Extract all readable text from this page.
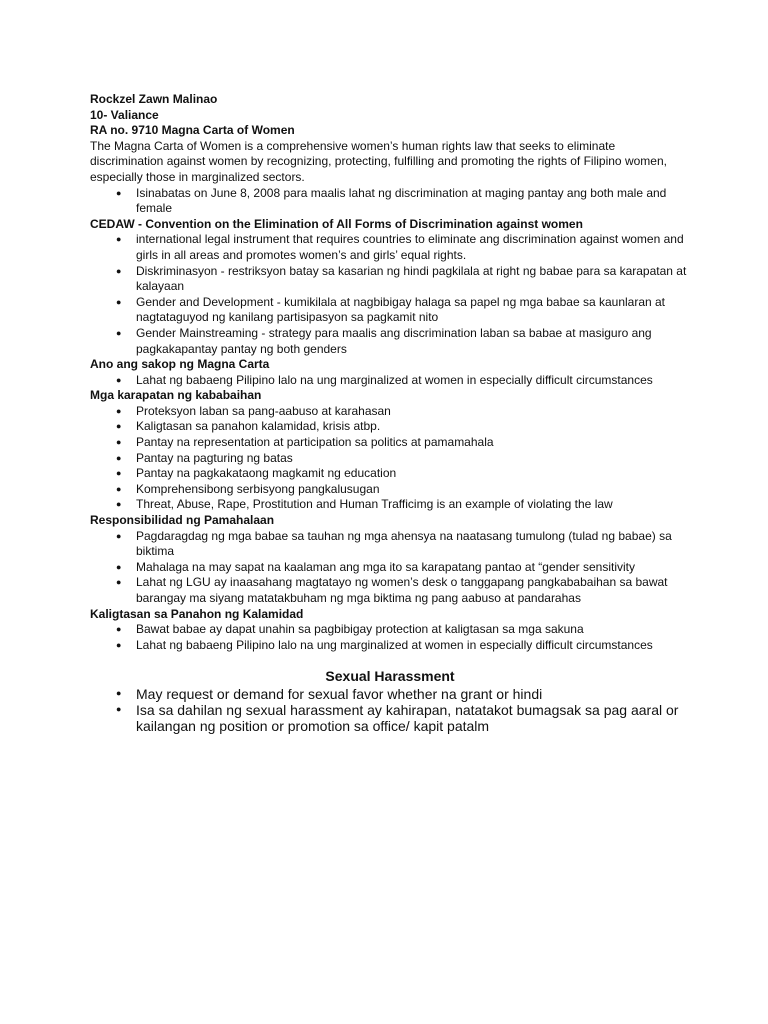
Rockzel Zawn Malinao
10- Valiance
RA no. 9710 Magna Carta of Women

The Magna Carta of Women is a comprehensive women’s human rights law that seeks to eliminate discrimination against women by recognizing, protecting, fulfilling and promoting the rights of Filipino women, especially those in marginalized sectors.

● Isinabatas on June 8, 2008 para maalis lahat ng discrimination at maging pantay ang both male and female
CEDAW - Convention on the Elimination of All Forms of Discrimination against women
● international legal instrument that requires countries to eliminate ang discrimination against women and girls in all areas and promotes women’s and girls’ equal rights.
● Diskriminasyon - restriksyon batay sa kasarian ng hindi pagkilala at right ng babae para sa karapatan at kalayaan
● Gender and Development - kumikilala at nagbibigay halaga sa papel ng mga babae sa kaunlaran at nagtataguyod ng kanilang partisipasyon sa pagkamit nito
● Gender Mainstreaming - strategy para maalis ang discrimination laban sa babae at masiguro ang pagkakapantay pantay ng both genders
Ano ang sakop ng Magna Carta
● Lahat ng babaeng Pilipino lalo na ung marginalized at women in especially difficult circumstances
Mga karapatan ng kababaihan
● Proteksyon laban sa pang-aabuso at karahasan
● Kaligtasan sa panahon kalamidad, krisis atbp.
● Pantay na representation at participation sa politics at pamamahala
● Pantay na pagturing ng batas
● Pantay na pagkakataong magkamit ng education
● Komprehensibong serbisyong pangkalusugan
● Threat, Abuse, Rape, Prostitution and Human Trafficimg is an example of violating the law
Responsibilidad ng Pamahalaan
● Pagdaragdag ng mga babae sa tauhan ng mga ahensya na naatasang tumulong (tulad ng babae) sa biktima
● Mahalaga na may sapat na kaalaman ang mga ito sa karapatang pantao at “gender sensitivity
● Lahat ng LGU ay inaasahang magtatayo ng women’s desk o tanggapang pangkababaihan sa bawat barangay ma siyang matatakbuham ng mga biktima ng pang aabuso at pandarahas
Kaligtasan sa Panahon ng Kalamidad
● Bawat babae ay dapat unahin sa pagbibigay protection at kaligtasan sa mga sakuna
● Lahat ng babaeng Pilipino lalo na ung marginalized at women in especially difficult circumstances
Sexual Harassment
● May request or demand for sexual favor whether na grant or hindi
● Isa sa dahilan ng sexual harassment ay kahirapan, natatakot bumagsak sa pag aaral or kailangan ng position or promotion sa office/ kapit patalm
